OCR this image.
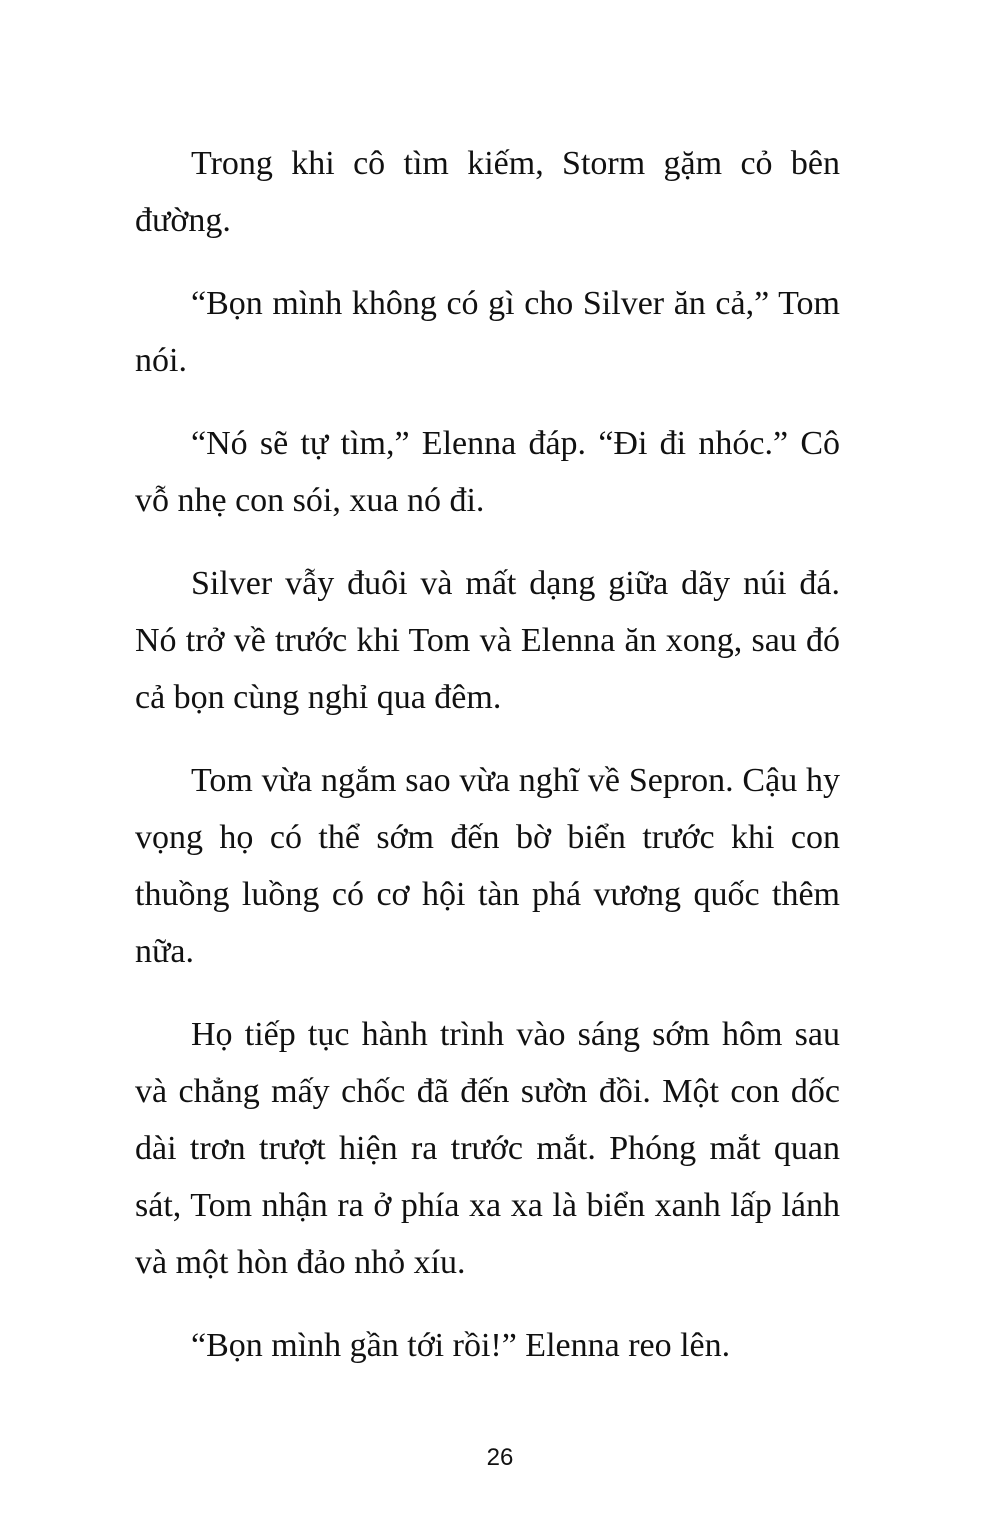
Trong khi cô tìm kiếm, Storm gặm cỏ bên đường.

“Bọn mình không có gì cho Silver ăn cả,” Tom nói.

“Nó sẽ tự tìm,” Elenna đáp. “Đi đi nhóc.” Cô vỗ nhẹ con sói, xua nó đi.

Silver vẫy đuôi và mất dạng giữa dãy núi đá. Nó trở về trước khi Tom và Elenna ăn xong, sau đó cả bọn cùng nghỉ qua đêm.

Tom vừa ngắm sao vừa nghĩ về Sepron. Cậu hy vọng họ có thể sớm đến bờ biển trước khi con thuồng luồng có cơ hội tàn phá vương quốc thêm nữa.

Họ tiếp tục hành trình vào sáng sớm hôm sau và chẳng mấy chốc đã đến sườn đồi. Một con dốc dài trơn trượt hiện ra trước mắt. Phóng mắt quan sát, Tom nhận ra ở phía xa xa là biển xanh lấp lánh và một hòn đảo nhỏ xíu.

“Bọn mình gần tới rồi!” Elenna reo lên.

26
